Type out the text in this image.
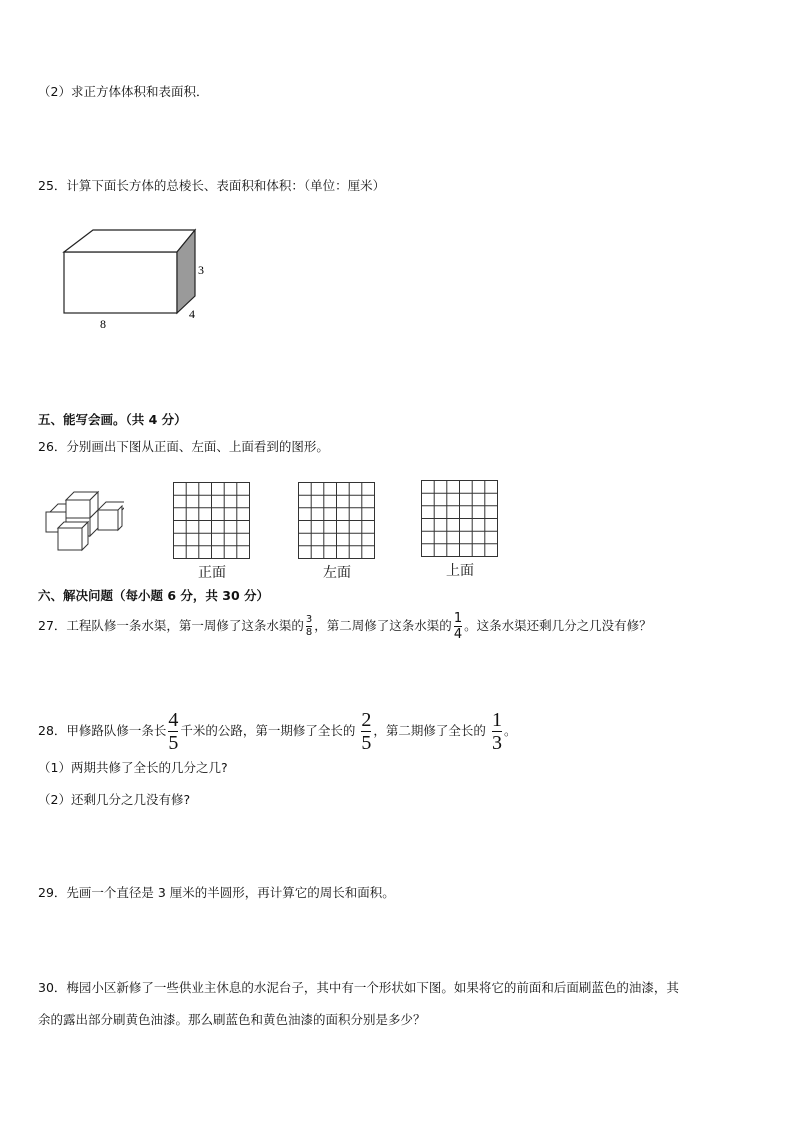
（2）求正方体体积和表面积．
25．计算下面长方体的总棱长、表面积和体积：（单位：厘米）
3
4
8
五、能写会画。（共 4 分）
26．分别画出下图从正面、左面、上面看到的图形。
正面	左面	上面
六、解决问题（每小题 6 分，共 30 分）
27．工程队修一条水渠，第一周修了这条水渠的 $\frac{3}{8}$ ，第二周修了这条水渠的 $\frac{1}{4}$ 。这条水渠还剩几分之几没有修？
28．甲修路队修一条长 $\frac{4}{5}$ 千米的公路，第一期修了全长的 $\frac{2}{5}$ ，第二期修了全长的 $\frac{1}{3}$ 。
（1）两期共修了全长的几分之几?
（2）还剩几分之几没有修?
29．先画一个直径是 3 厘米的半圆形，再计算它的周长和面积。
30．梅园小区新修了一些供业主休息的水泥台子，其中有一个形状如下图。如果将它的前面和后面刷蓝色的油漆，其
余的露出部分刷黄色油漆。那么刷蓝色和黄色油漆的面积分别是多少？
